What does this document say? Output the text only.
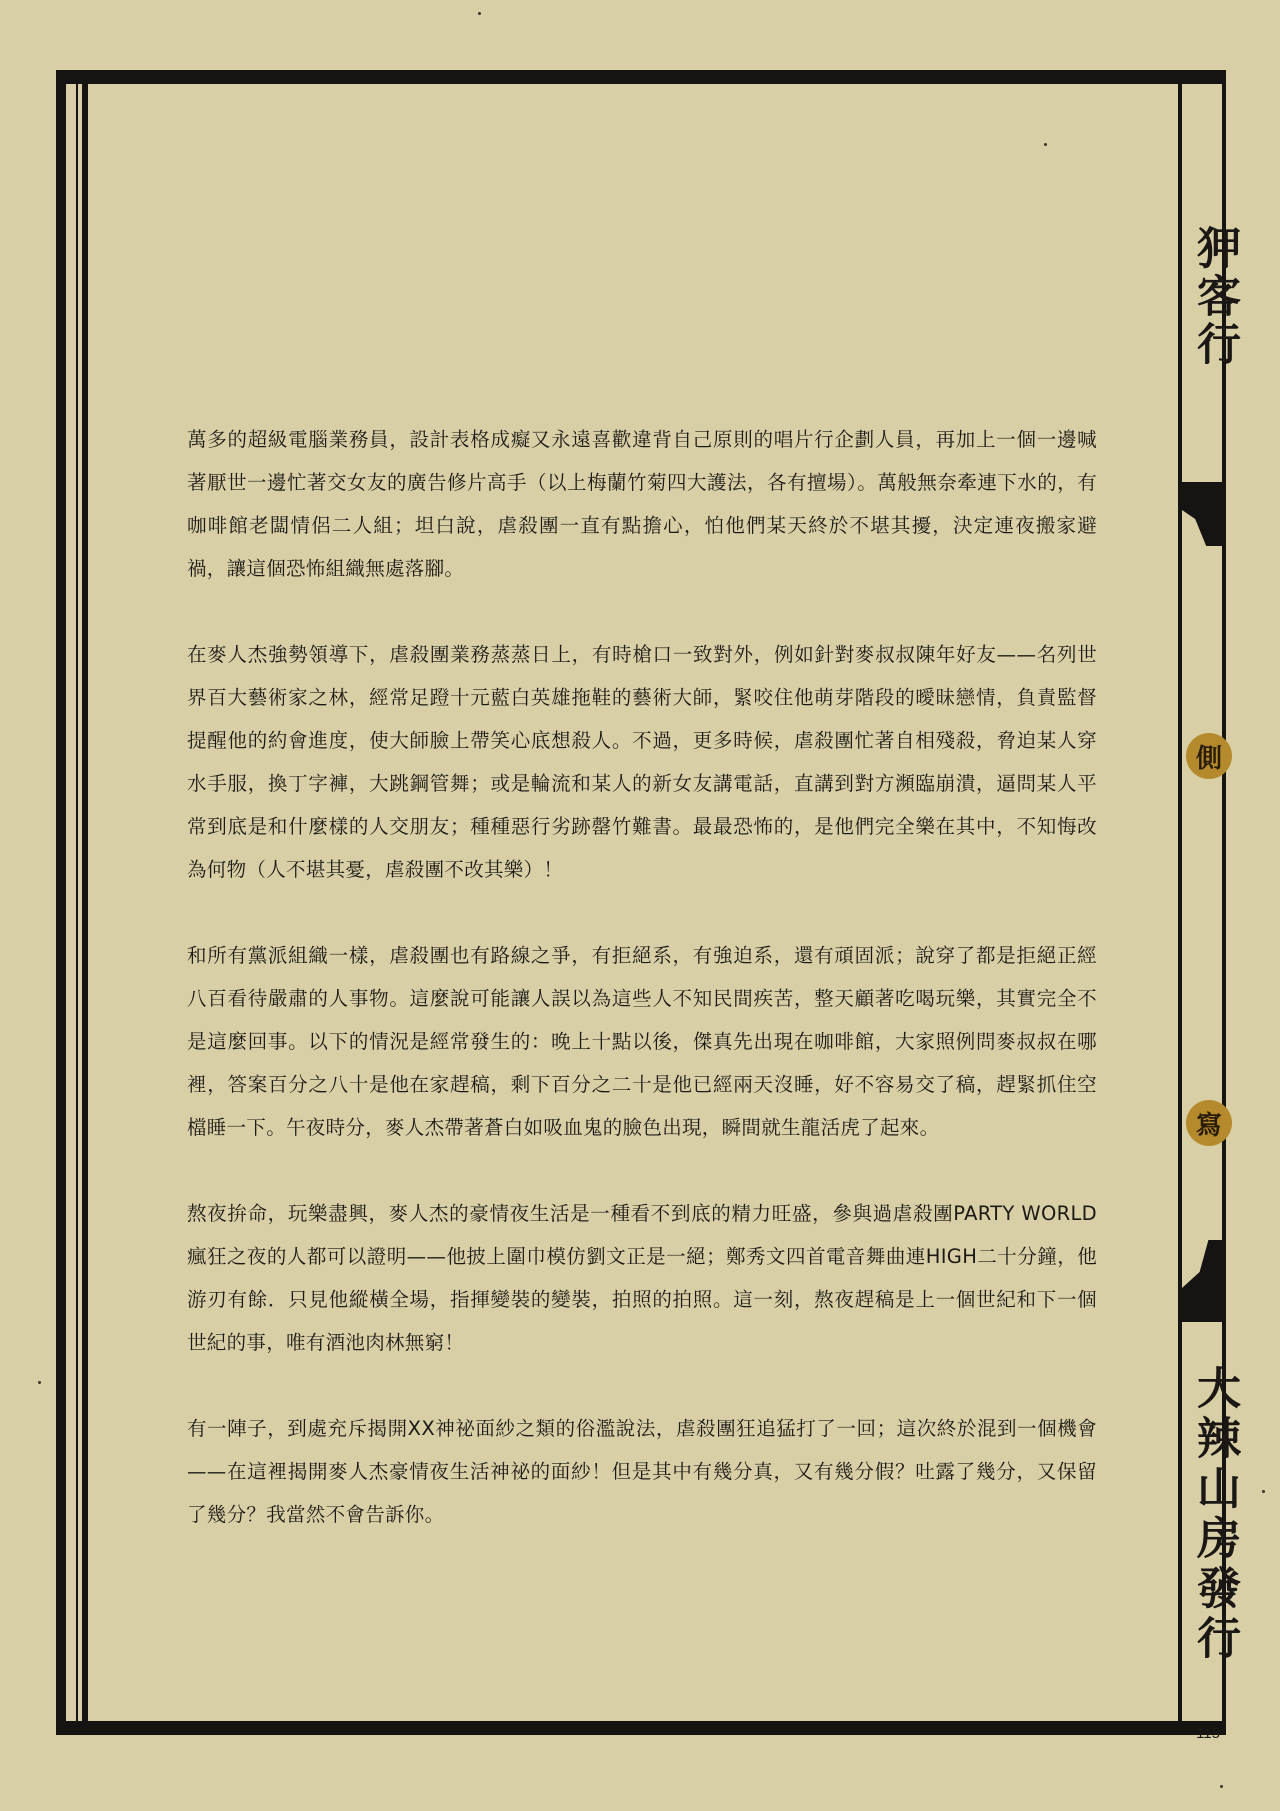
狎客行
側
寫
大辣山房發行

萬多的超級電腦業務員，設計表格成癡又永遠喜歡違背自己原則的唱片行企劃人員，再加上一個一邊喊著厭世一邊忙著交女友的廣告修片高手（以上梅蘭竹菊四大護法，各有擅場）。萬般無奈牽連下水的，有咖啡館老闆情侶二人組；坦白說，虐殺團一直有點擔心，怕他們某天終於不堪其擾，決定連夜搬家避禍，讓這個恐怖組織無處落腳。

在麥人杰強勢領導下，虐殺團業務蒸蒸日上，有時槍口一致對外，例如針對麥叔叔陳年好友——名列世界百大藝術家之林，經常足蹬十元藍白英雄拖鞋的藝術大師，緊咬住他萌芽階段的曖昧戀情，負責監督提醒他的約會進度，使大師臉上帶笑心底想殺人。不過，更多時候，虐殺團忙著自相殘殺，脅迫某人穿水手服，換丁字褲，大跳鋼管舞；或是輪流和某人的新女友講電話，直講到對方瀕臨崩潰，逼問某人平常到底是和什麼樣的人交朋友；種種惡行劣跡罄竹難書。最最恐怖的，是他們完全樂在其中，不知悔改為何物（人不堪其憂，虐殺團不改其樂）！

和所有黨派組織一樣，虐殺團也有路線之爭，有拒絕系，有強迫系，還有頑固派；說穿了都是拒絕正經八百看待嚴肅的人事物。這麼說可能讓人誤以為這些人不知民間疾苦，整天顧著吃喝玩樂，其實完全不是這麼回事。以下的情況是經常發生的：晚上十點以後，傑真先出現在咖啡館，大家照例問麥叔叔在哪裡，答案百分之八十是他在家趕稿，剩下百分之二十是他已經兩天沒睡，好不容易交了稿，趕緊抓住空檔睡一下。午夜時分，麥人杰帶著蒼白如吸血鬼的臉色出現，瞬間就生龍活虎了起來。

熬夜拚命，玩樂盡興，麥人杰的豪情夜生活是一種看不到底的精力旺盛，參與過虐殺團PARTY WORLD瘋狂之夜的人都可以證明——他披上圍巾模仿劉文正是一絕；鄭秀文四首電音舞曲連HIGH二十分鐘，他游刃有餘．只見他縱橫全場，指揮變裝的變裝，拍照的拍照。這一刻，熬夜趕稿是上一個世紀和下一個世紀的事，唯有酒池肉林無窮！

有一陣子，到處充斥揭開XX神祕面紗之類的俗濫說法，虐殺團狂追猛打了一回；這次終於混到一個機會——在這裡揭開麥人杰豪情夜生活神祕的面紗！但是其中有幾分真，又有幾分假？吐露了幾分，又保留了幾分？我當然不會告訴你。

115
